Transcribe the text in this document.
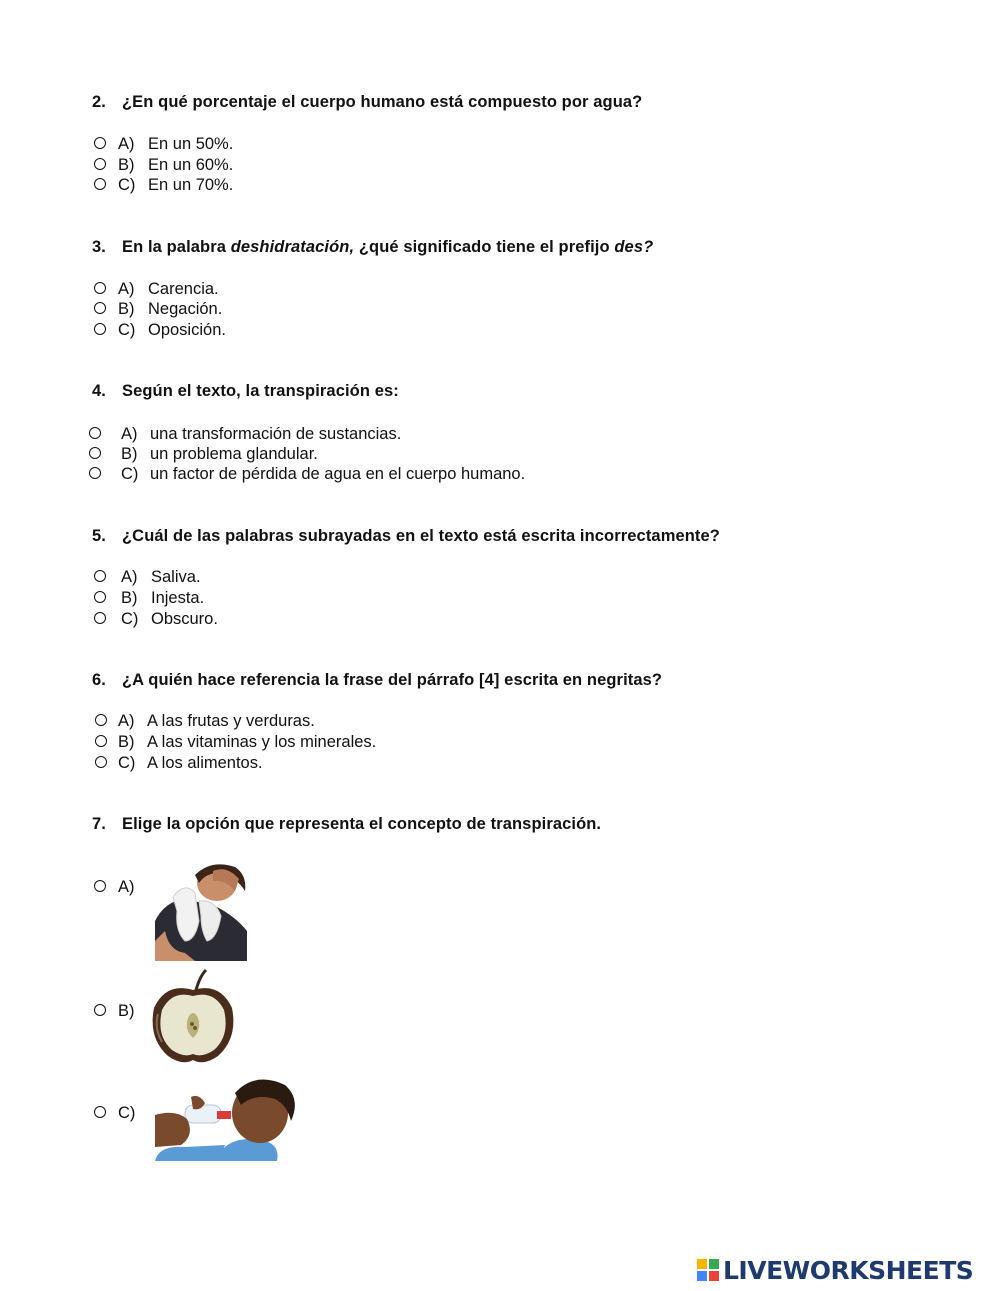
2. ¿En qué porcentaje el cuerpo humano está compuesto por agua?
A) En un 50%.
B) En un 60%.
C) En un 70%.
3. En la palabra deshidratación, ¿qué significado tiene el prefijo des?
A) Carencia.
B) Negación.
C) Oposición.
4. Según el texto, la transpiración es:
A) una transformación de sustancias.
B) un problema glandular.
C) un factor de pérdida de agua en el cuerpo humano.
5. ¿Cuál de las palabras subrayadas en el texto está escrita incorrectamente?
A) Saliva.
B) Injesta.
C) Obscuro.
6. ¿A quién hace referencia la frase del párrafo [4] escrita en negritas?
A) A las frutas y verduras.
B) A las vitaminas y los minerales.
C) A los alimentos.
7. Elige la opción que representa el concepto de transpiración.
A)
B)
C)
LIVEWORKSHEETS
